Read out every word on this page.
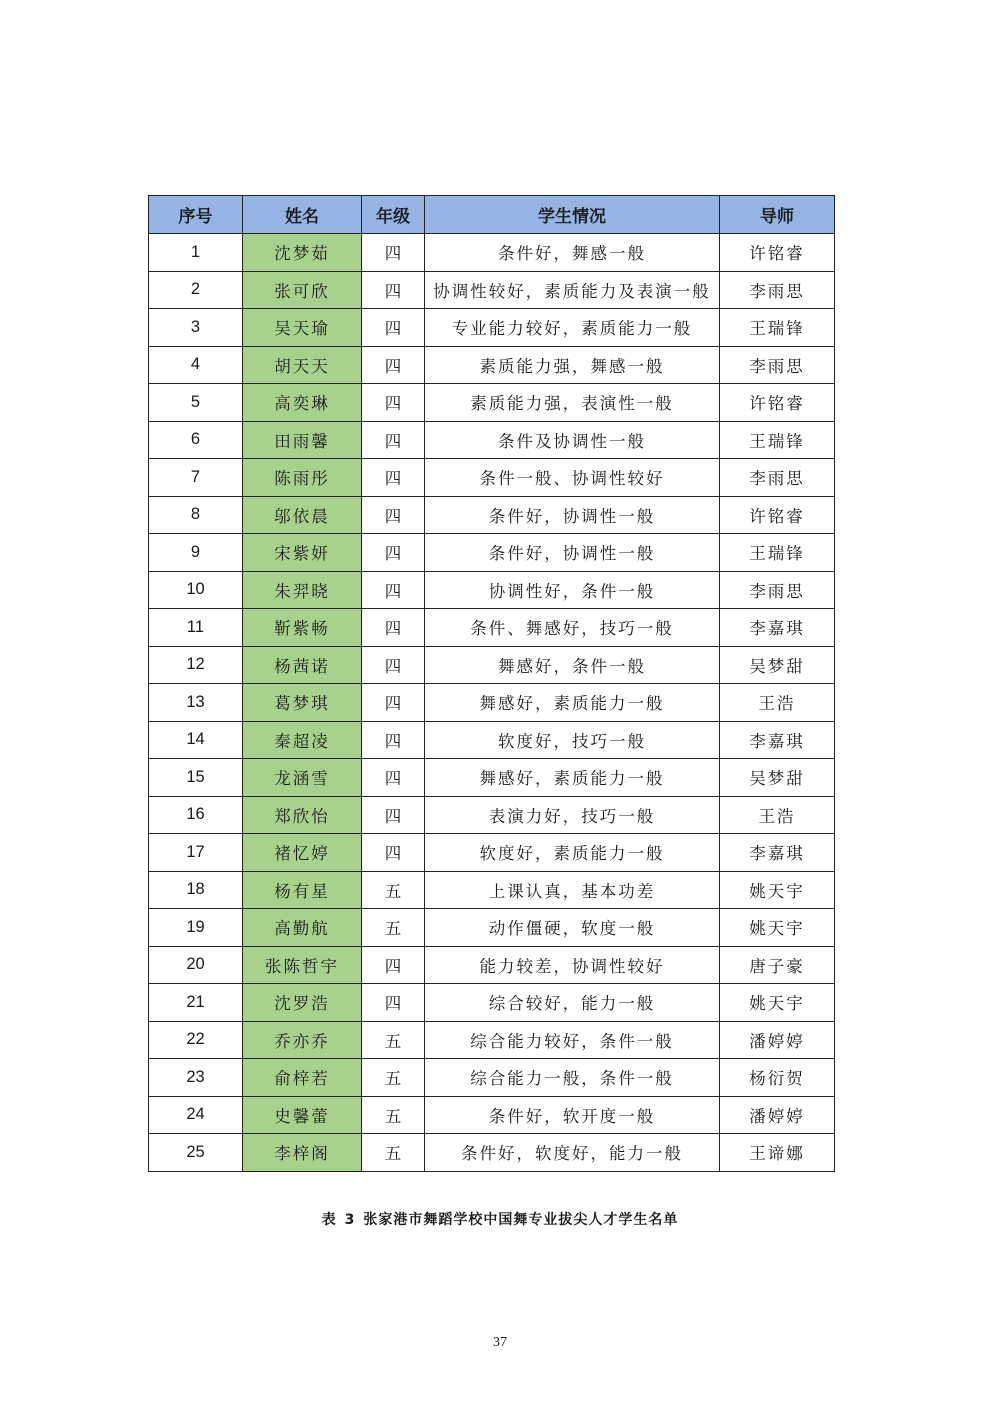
序号	姓名	年级	学生情况	导师
1	沈梦茹	四	条件好，舞感一般	许铭睿
2	张可欣	四	协调性较好，素质能力及表演一般	李雨思
3	吴天瑜	四	专业能力较好，素质能力一般	王瑞锋
4	胡天天	四	素质能力强，舞感一般	李雨思
5	高奕琳	四	素质能力强，表演性一般	许铭睿
6	田雨馨	四	条件及协调性一般	王瑞锋
7	陈雨彤	四	条件一般、协调性较好	李雨思
8	邬依晨	四	条件好，协调性一般	许铭睿
9	宋紫妍	四	条件好，协调性一般	王瑞锋
10	朱羿晓	四	协调性好，条件一般	李雨思
11	靳紫畅	四	条件、舞感好，技巧一般	李嘉琪
12	杨茜诺	四	舞感好，条件一般	吴梦甜
13	葛梦琪	四	舞感好，素质能力一般	王浩
14	秦超凌	四	软度好，技巧一般	李嘉琪
15	龙涵雪	四	舞感好，素质能力一般	吴梦甜
16	郑欣怡	四	表演力好，技巧一般	王浩
17	褚忆婷	四	软度好，素质能力一般	李嘉琪
18	杨有星	五	上课认真，基本功差	姚天宇
19	高勤航	五	动作僵硬，软度一般	姚天宇
20	张陈哲宇	四	能力较差，协调性较好	唐子豪
21	沈罗浩	四	综合较好，能力一般	姚天宇
22	乔亦乔	五	综合能力较好，条件一般	潘婷婷
23	俞梓若	五	综合能力一般，条件一般	杨衍贺
24	史馨蕾	五	条件好，软开度一般	潘婷婷
25	李梓阁	五	条件好，软度好，能力一般	王谛娜
表 3 张家港市舞蹈学校中国舞专业拔尖人才学生名单
37
